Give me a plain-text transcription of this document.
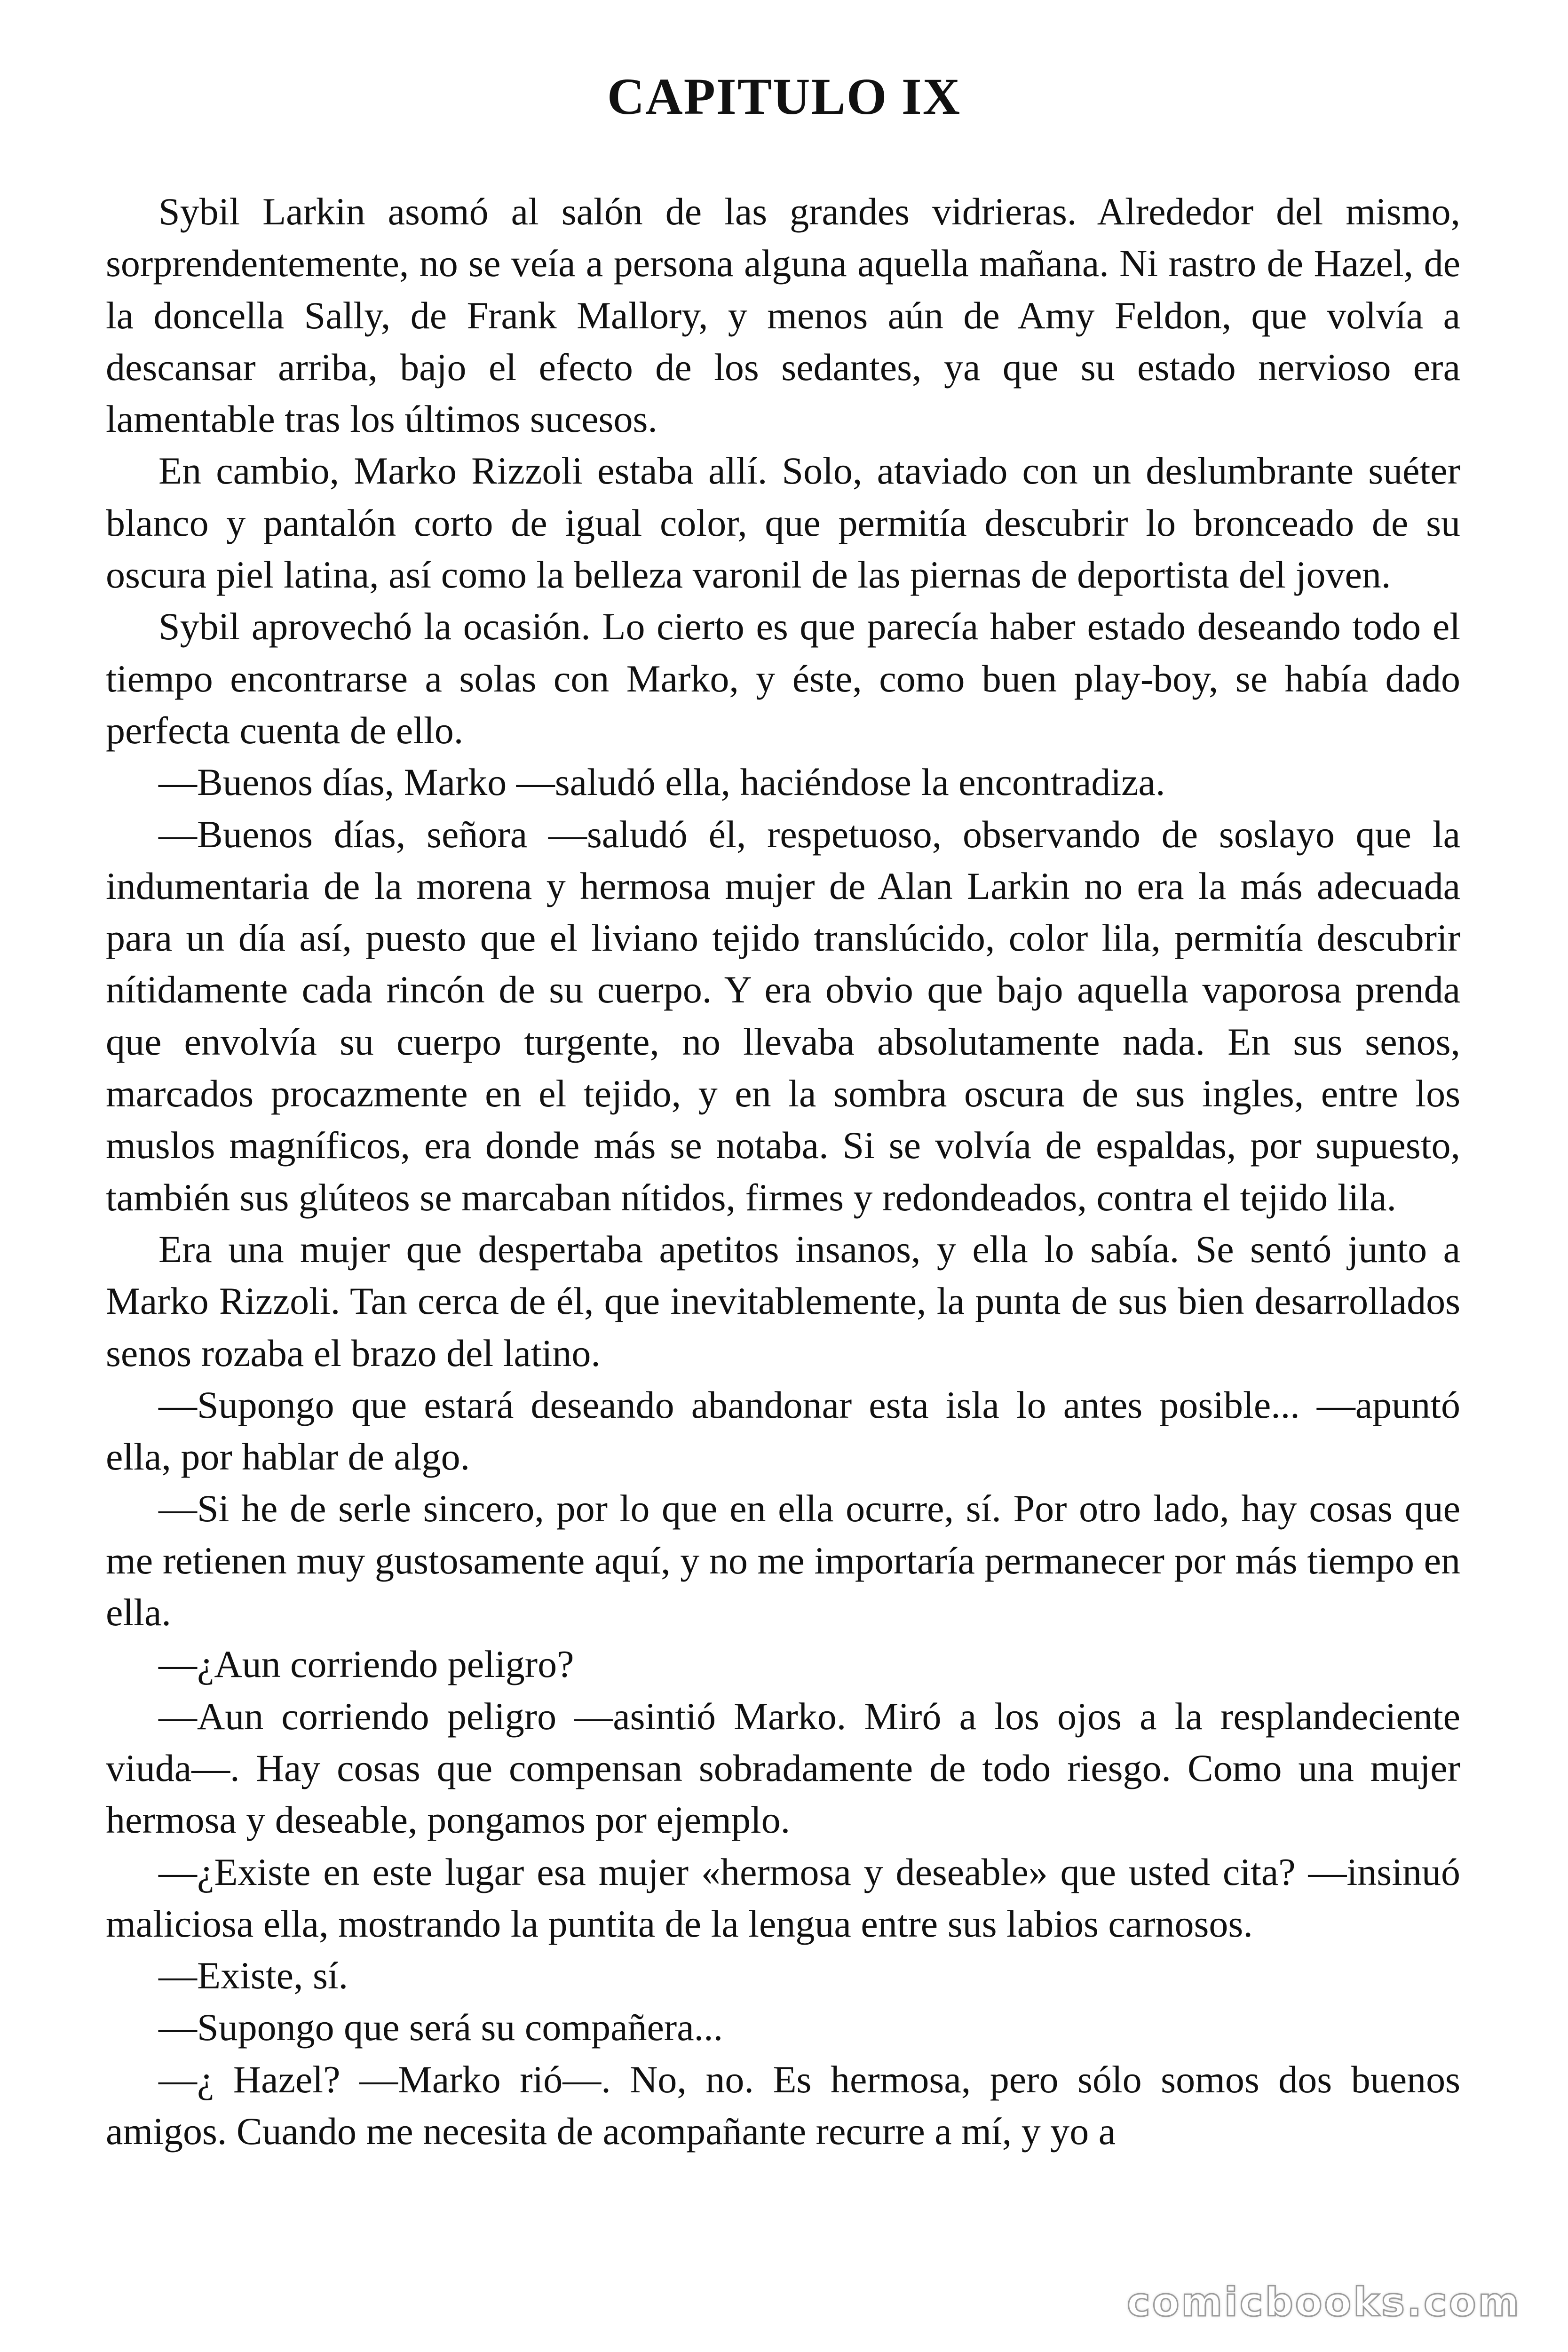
CAPITULO IX

Sybil Larkin asomó al salón de las grandes vidrieras. Alrededor del mismo, sorprendentemente, no se veía a persona alguna aquella mañana. Ni rastro de Hazel, de la doncella Sally, de Frank Mallory, y menos aún de Amy Feldon, que volvía a descansar arriba, bajo el efecto de los sedantes, ya que su estado nervioso era lamentable tras los últimos sucesos.

En cambio, Marko Rizzoli estaba allí. Solo, ataviado con un deslumbrante suéter blanco y pantalón corto de igual color, que permitía descubrir lo bronceado de su oscura piel latina, así como la belleza varonil de las piernas de deportista del joven.

Sybil aprovechó la ocasión. Lo cierto es que parecía haber estado deseando todo el tiempo encontrarse a solas con Marko, y éste, como buen play-boy, se había dado perfecta cuenta de ello.

—Buenos días, Marko —saludó ella, haciéndose la encontradiza.

—Buenos días, señora —saludó él, respetuoso, observando de soslayo que la indumentaria de la morena y hermosa mujer de Alan Larkin no era la más adecuada para un día así, puesto que el liviano tejido translúcido, color lila, permitía descubrir nítidamente cada rincón de su cuerpo. Y era obvio que bajo aquella vaporosa prenda que envolvía su cuerpo turgente, no llevaba absolutamente nada. En sus senos, marcados procazmente en el tejido, y en la sombra oscura de sus ingles, entre los muslos magníficos, era donde más se notaba. Si se volvía de espaldas, por supuesto, también sus glúteos se marcaban nítidos, firmes y redondeados, contra el tejido lila.

Era una mujer que despertaba apetitos insanos, y ella lo sabía. Se sentó junto a Marko Rizzoli. Tan cerca de él, que inevitablemente, la punta de sus bien desarrollados senos rozaba el brazo del latino.

—Supongo que estará deseando abandonar esta isla lo antes posible... —apuntó ella, por hablar de algo.

—Si he de serle sincero, por lo que en ella ocurre, sí. Por otro lado, hay cosas que me retienen muy gustosamente aquí, y no me importaría permanecer por más tiempo en ella.

—¿Aun corriendo peligro?

—Aun corriendo peligro —asintió Marko. Miró a los ojos a la resplandeciente viuda—. Hay cosas que compensan sobradamente de todo riesgo. Como una mujer hermosa y deseable, pongamos por ejemplo.

—¿Existe en este lugar esa mujer «hermosa y deseable» que usted cita? —insinuó maliciosa ella, mostrando la puntita de la lengua entre sus labios carnosos.

—Existe, sí.

—Supongo que será su compañera...

—¿ Hazel? —Marko rió—. No, no. Es hermosa, pero sólo somos dos buenos amigos. Cuando me necesita de acompañante recurre a mí, y yo a

comicbooks.com
